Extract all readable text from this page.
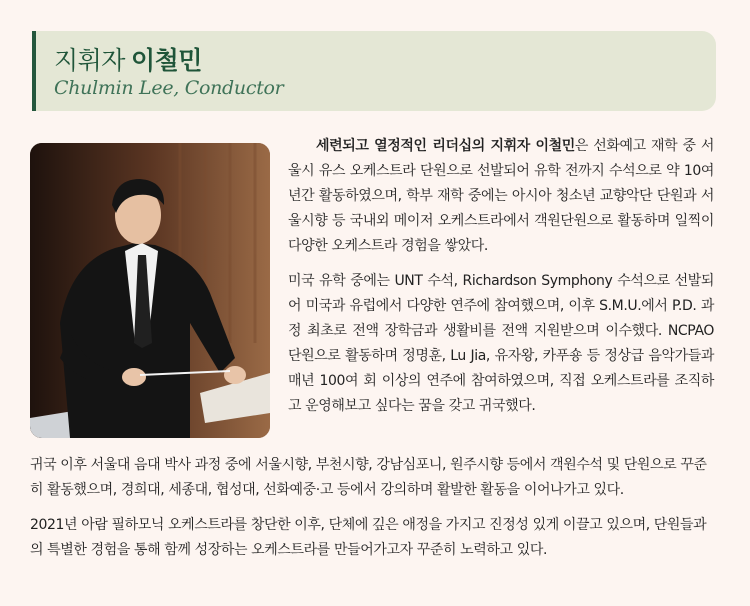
지휘자 이철민
Chulmin Lee, Conductor

세련되고 열정적인 리더십의 지휘자 이철민은 선화예고 재학 중 서울시 유스 오케스트라 단원으로 선발되어 유학 전까지 수석으로 약 10여 년간 활동하였으며, 학부 재학 중에는 아시아 청소년 교향악단 단원과 서울시향 등 국내외 메이저 오케스트라에서 객원단원으로 활동하며 일찍이 다양한 오케스트라 경험을 쌓았다.

미국 유학 중에는 UNT 수석, Richardson Symphony 수석으로 선발되어 미국과 유럽에서 다양한 연주에 참여했으며, 이후 S.M.U.에서 P.D. 과정 최초로 전액 장학금과 생활비를 전액 지원받으며 이수했다. NCPAO 단원으로 활동하며 정명훈, Lu Jia, 유자왕, 카푸숑 등 정상급 음악가들과 매년 100여 회 이상의 연주에 참여하였으며, 직접 오케스트라를 조직하고 운영해보고 싶다는 꿈을 갖고 귀국했다.

귀국 이후 서울대 음대 박사 과정 중에 서울시향, 부천시향, 강남심포니, 원주시향 등에서 객원수석 및 단원으로 꾸준히 활동했으며, 경희대, 세종대, 협성대, 선화예중·고 등에서 강의하며 활발한 활동을 이어나가고 있다.

2021년 아람 필하모닉 오케스트라를 창단한 이후, 단체에 깊은 애정을 가지고 진정성 있게 이끌고 있으며, 단원들과의 특별한 경험을 통해 함께 성장하는 오케스트라를 만들어가고자 꾸준히 노력하고 있다.
